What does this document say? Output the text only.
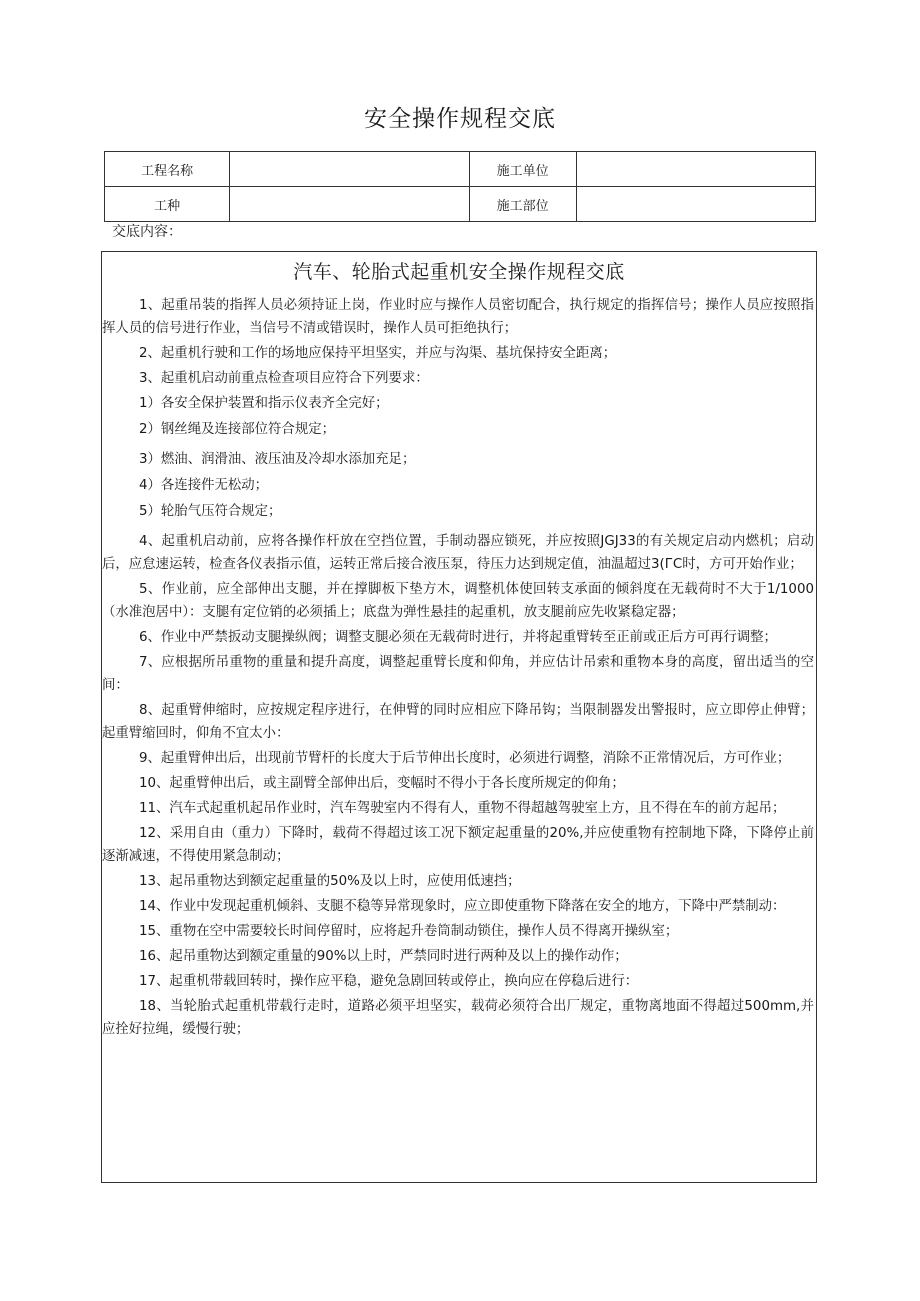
安全操作规程交底
工程名称		施工单位	
工种		施工部位	
交底内容：
汽车、轮胎式起重机安全操作规程交底
1、起重吊装的指挥人员必须持证上岗，作业时应与操作人员密切配合，执行规定的指挥信号；操作人员应按照指挥人员的信号进行作业，当信号不清或错误时，操作人员可拒绝执行；
2、起重机行驶和工作的场地应保持平坦坚实，并应与沟渠、基坑保持安全距离；
3、起重机启动前重点检查项目应符合下列要求：
1）各安全保护装置和指示仪表齐全完好；
2）钢丝绳及连接部位符合规定；
3）燃油、润滑油、液压油及冷却水添加充足；
4）各连接件无松动；
5）轮胎气压符合规定；
4、起重机启动前，应将各操作杆放在空挡位置，手制动器应锁死，并应按照JGJ33的有关规定启动内燃机；启动后，应怠速运转，检查各仪表指示值，运转正常后接合液压泵，待压力达到规定值，油温超过3(ГC时，方可开始作业；
5、作业前，应全部伸出支腿，并在撑脚板下垫方木，调整机体使回转支承面的倾斜度在无载荷时不大于1/1000（水准泡居中）：支腿有定位销的必须插上；底盘为弹性悬挂的起重机，放支腿前应先收紧稳定器；
6、作业中严禁扳动支腿操纵阀；调整支腿必须在无载荷时进行，并将起重臂转至正前或正后方可再行调整；
7、应根据所吊重物的重量和提升高度，调整起重臂长度和仰角，并应估计吊索和重物本身的高度，留出适当的空间：
8、起重臂伸缩时，应按规定程序进行，在伸臂的同时应相应下降吊钩；当限制器发出警报时，应立即停止伸臂；起重臂缩回时，仰角不宜太小：
9、起重臂伸出后，出现前节臂杆的长度大于后节伸出长度时，必须进行调整，消除不正常情况后，方可作业；
10、起重臂伸出后，或主副臂全部伸出后，变幅时不得小于各长度所规定的仰角；
11、汽车式起重机起吊作业时，汽车驾驶室内不得有人，重物不得超越驾驶室上方，且不得在车的前方起吊；
12、采用自由（重力）下降时，载荷不得超过该工况下额定起重量的20%,并应使重物有控制地下降，下降停止前逐渐减速，不得使用紧急制动；
13、起吊重物达到额定起重量的50%及以上时，应使用低速挡；
14、作业中发现起重机倾斜、支腿不稳等异常现象时，应立即使重物下降落在安全的地方，下降中严禁制动：
15、重物在空中需要较长时间停留时，应将起升卷筒制动锁住，操作人员不得离开操纵室；
16、起吊重物达到额定重量的90%以上时，严禁同时进行两种及以上的操作动作；
17、起重机带载回转时，操作应平稳，避免急剧回转或停止，换向应在停稳后进行：
18、当轮胎式起重机带载行走时，道路必须平坦坚实，载荷必须符合出厂规定，重物离地面不得超过500mm,并应拴好拉绳，缓慢行驶；
